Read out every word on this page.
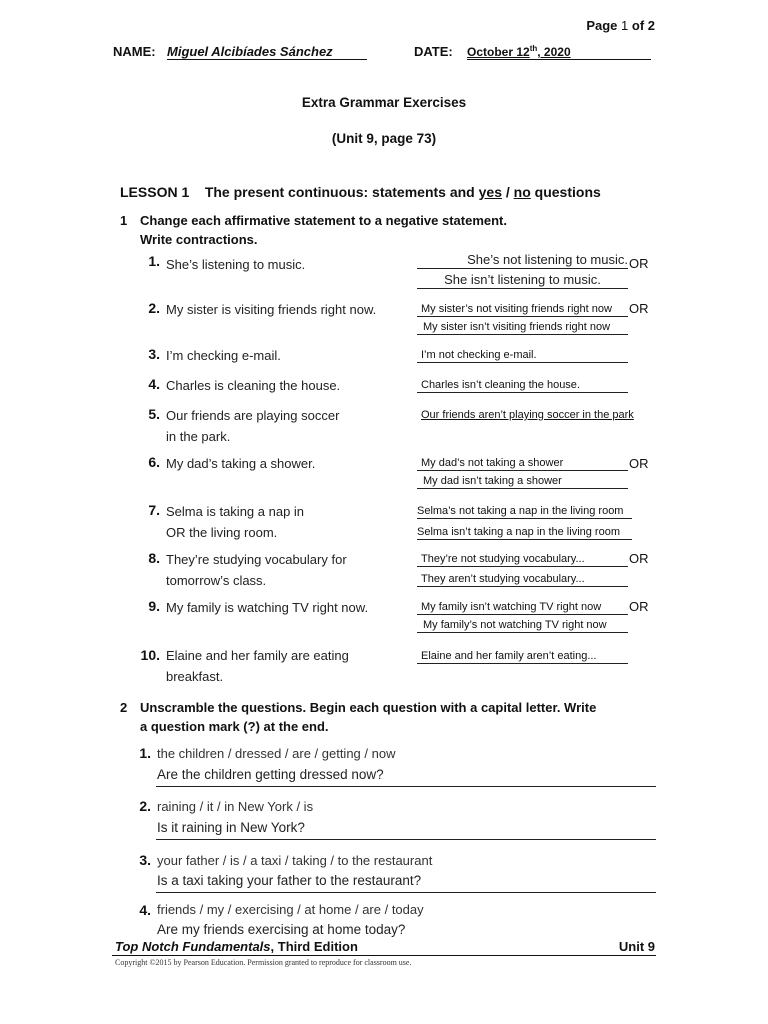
Page 1 of 2
NAME: Miguel Alcibíades Sánchez	DATE: October 12th, 2020
Extra Grammar Exercises
(Unit 9, page 73)
LESSON 1 The present continuous: statements and yes / no questions
1 Change each affirmative statement to a negative statement.
Write contractions.
1. She’s listening to music.	She’s not listening to music. OR
She isn’t listening to music.
2. My sister is visiting friends right now.	My sister’s not visiting friends right now	OR
My sister isn’t visiting friends right now
3. I’m checking e-mail.	I’m not checking e-mail.
4. Charles is cleaning the house.	Charles isn’t cleaning the house.
5. Our friends are playing soccer
in the park.
Our friends aren’t playing soccer in the park
6. My dad’s taking a shower.	My dad’s not taking a shower	OR
My dad isn’t taking a shower
7. Selma is taking a nap in
OR the living room.
Selma’s not taking a nap in the living room
Selma isn’t taking a nap in the living room
8. They’re studying vocabulary for
tomorrow’s class.
They’re not studying vocabulary...	OR
They aren’t studying vocabulary...
9. My family is watching TV right now.	My family isn’t watching TV right now	OR
My family’s not watching TV right now
10. Elaine and her family are eating
breakfast.
Elaine and her family aren’t eating...
2 Unscramble the questions. Begin each question with a capital letter. Write
a question mark (?) at the end.
1. the children / dressed / are / getting / now
Are the children getting dressed now?
2. raining / it / in New York / is
Is it raining in New York?
3. your father / is / a taxi / taking / to the restaurant
Is a taxi taking your father to the restaurant?
4. friends / my / exercising / at home / are / today
Are my friends exercising at home today?
Top Notch Fundamentals, Third Edition	Unit 9
Copyright ©2015 by Pearson Education. Permission granted to reproduce for classroom use.
